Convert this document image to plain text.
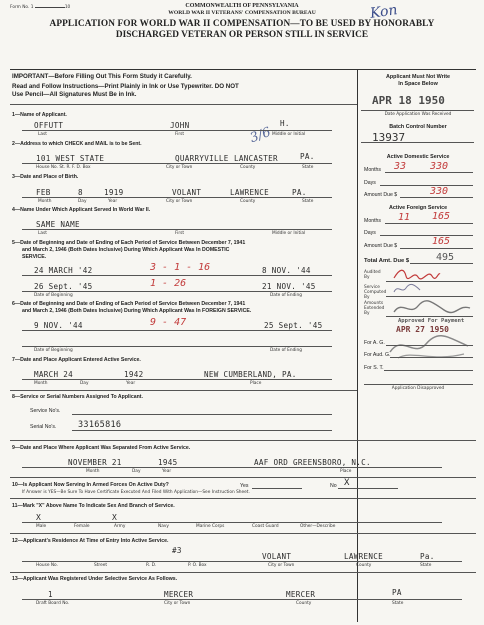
Form No. 1	10	COMMONWEALTH OF PENNSYLVANIA
WORLD WAR II VETERANS' COMPENSATION BUREAU	Kon
APPLICATION FOR WORLD WAR II COMPENSATION—TO BE USED BY HONORABLY
DISCHARGED VETERAN OR PERSON STILL IN SERVICE
IMPORTANT—Before Filling Out This Form Study it Carefully.
Read and Follow Instructions—Print Plainly in Ink or Use Typewriter. DO NOT
Use Pencil—All Signatures Must Be in Ink.
Applicant Must Not Write
In Space Below
APR 18 1950
Date Application Was Received
13937
Batch Control Number
Active Domestic Service
Months 33 330
Days
Amount Due $	330
Active Foreign Service
Months 11 165
Days
Amount Due $	165
Total Amt. Due $	495
Audited By
Service Computed By
Amounts Extended By
Approved For Payment
APR 27 1950
For A. G.
For Aud. G.
For S. T.
Application Disapproved
1—Name of Applicant.
OFFUTT	JOHN	H.
3/6
Last	First	Middle or Initial
2—Address to which CHECK and MAIL is to be Sent.
101 WEST STATE	QUARRYVILLE LANCASTER	PA.
House No. St. R. F. D. Box	City or Town	County	State
3—Date and Place of Birth.
FEB	8	1919	VOLANT	LAWRENCE	PA.
Month	Day	Year	City or Town	County	State
4—Name Under Which Applicant Served In World War II.
SAME NAME
Last	First	Middle or Initial
5—Date of Beginning and Date of Ending of Each Period of Service Between December 7, 1941
and March 2, 1946 (Both Dates Inclusive) During Which Applicant Was In DOMESTIC
SERVICE.
24 MARCH '42	3 - 1 - 16	8 NOV. '44
26 Sept. '45	1 - 26	21 NOV. '45
Date of Beginning	Date of Ending
6—Date of Beginning and Date of Ending of Each Period of Service Between December 7, 1941
and March 2, 1946 (Both Dates Inclusive) During Which Applicant Was In FOREIGN SERVICE.
9 NOV. '44	9 - 47	25 Sept. '45
Date of Beginning	Date of Ending
7—Date and Place Applicant Entered Active Service.
MARCH 24	1942	NEW CUMBERLAND, PA.
Month	Day	Year	Place
8—Service or Serial Numbers Assigned To Applicant.
Service No's.
Serial No's.	33165816
9—Date and Place Where Applicant Was Separated From Active Service.
NOVEMBER 21	1945	AAF ORD GREENSBORO, N.C.
Month	Day	Year	Place
10—Is Applicant Now Serving In Armed Forces On Active Duty?
If Answer is YES—Be Sure To Have Certificate Executed And Filed With Application—See Instruction Sheet.
Yes	No X
11—Mark "X" Above Name To Indicate Sex And Branch of Service.
X	X
Male	Female	Army	Navy	Marine Corps	Coast Guard	Other—Describe
12—Applicant's Residence At Time of Entry Into Active Service.
#3
VOLANT	LAWRENCE	Pa.
House No.	Street	R. D.	P. O. Box	City or Town	County	State
13—Applicant Was Registered Under Selective Service As Follows.
1	MERCER	MERCER	PA
Draft Board No.	City or Town	County	State
